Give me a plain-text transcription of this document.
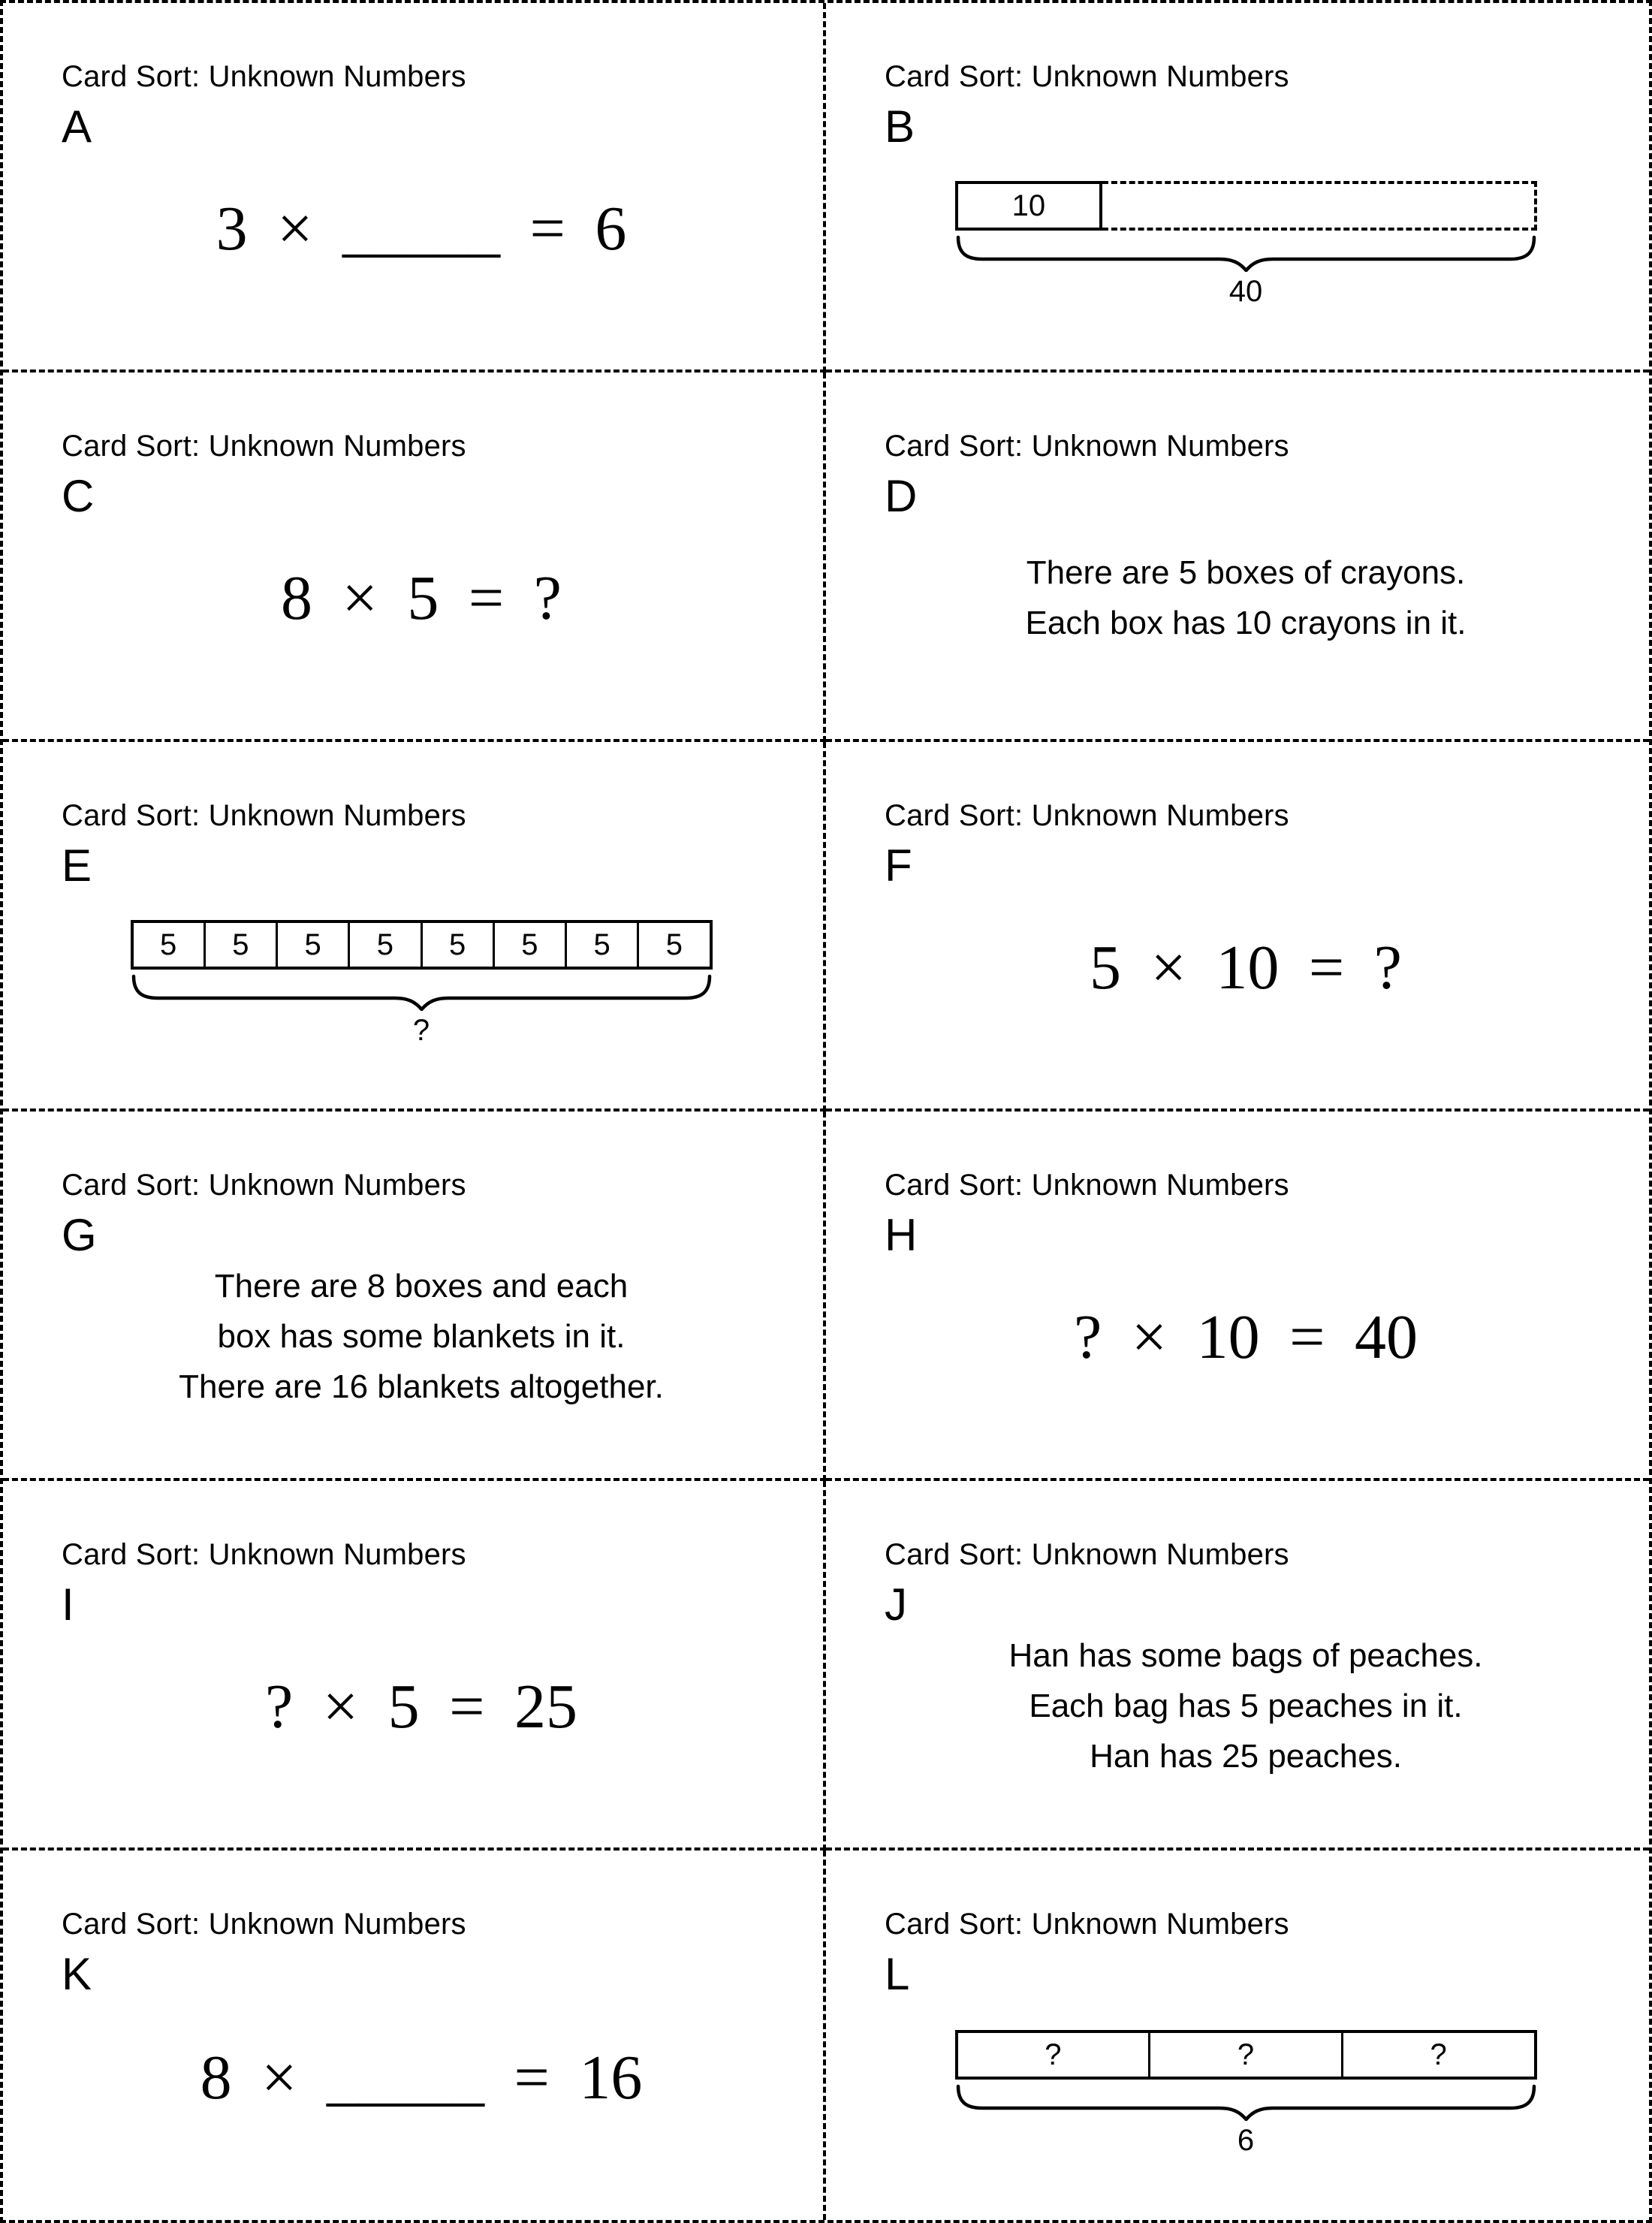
Card Sort: Unknown Numbers
A
3 × _____ = 6
Card Sort: Unknown Numbers
B
10
40
Card Sort: Unknown Numbers
C
8 × 5 = ?
Card Sort: Unknown Numbers
D
There are 5 boxes of crayons.
Each box has 10 crayons in it.
Card Sort: Unknown Numbers
E
5	5	5	5	5	5	5	5
?
Card Sort: Unknown Numbers
F
5 × 10 = ?
Card Sort: Unknown Numbers
G
There are 8 boxes and each
box has some blankets in it.
There are 16 blankets altogether.
Card Sort: Unknown Numbers
H
? × 10 = 40
Card Sort: Unknown Numbers
I
? × 5 = 25
Card Sort: Unknown Numbers
J
Han has some bags of peaches.
Each bag has 5 peaches in it.
Han has 25 peaches.
Card Sort: Unknown Numbers
K
8 × _____ = 16
Card Sort: Unknown Numbers
L
?	?	?
6
